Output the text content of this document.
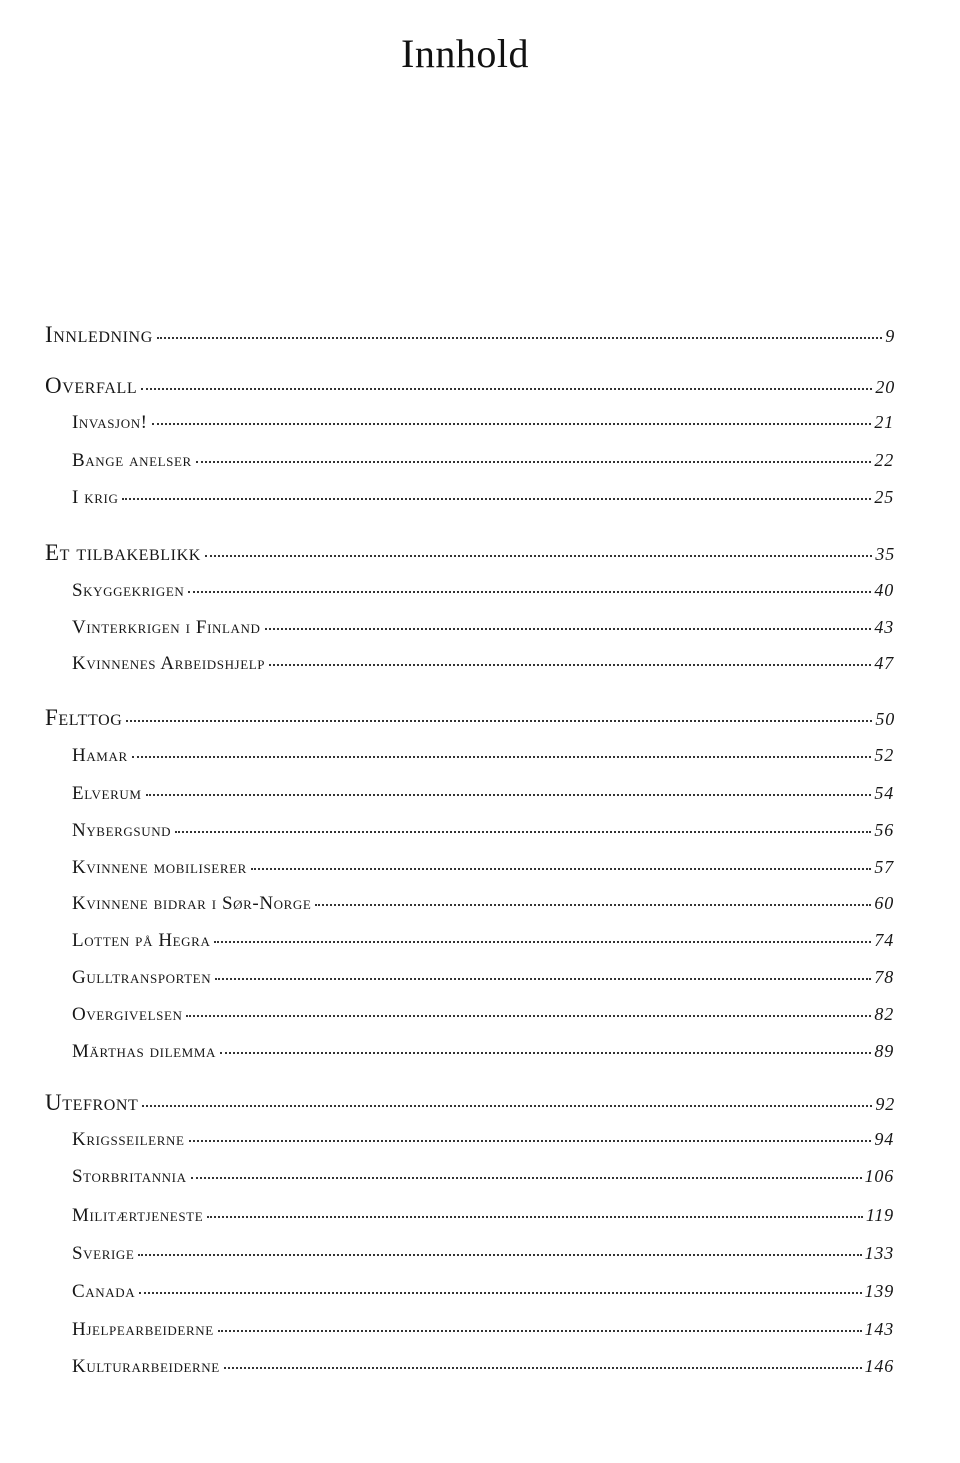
Innhold
Innledning	9
Overfall	20
Invasjon!	21
Bange anelser	22
I krig	25
Et tilbakeblikk	35
Skyggekrigen	40
Vinterkrigen i Finland	43
Kvinnenes Arbeidshjelp	47
Felttog	50
Hamar	52
Elverum	54
Nybergsund	56
Kvinnene mobiliserer	57
Kvinnene bidrar i Sør-Norge	60
Lotten på Hegra	74
Gulltransporten	78
Overgivelsen	82
Märthas dilemma	89
Utefront	92
Krigsseilerne	94
Storbritannia	106
Militærtjeneste	119
Sverige	133
Canada	139
Hjelpearbeiderne	143
Kulturarbeiderne	146
